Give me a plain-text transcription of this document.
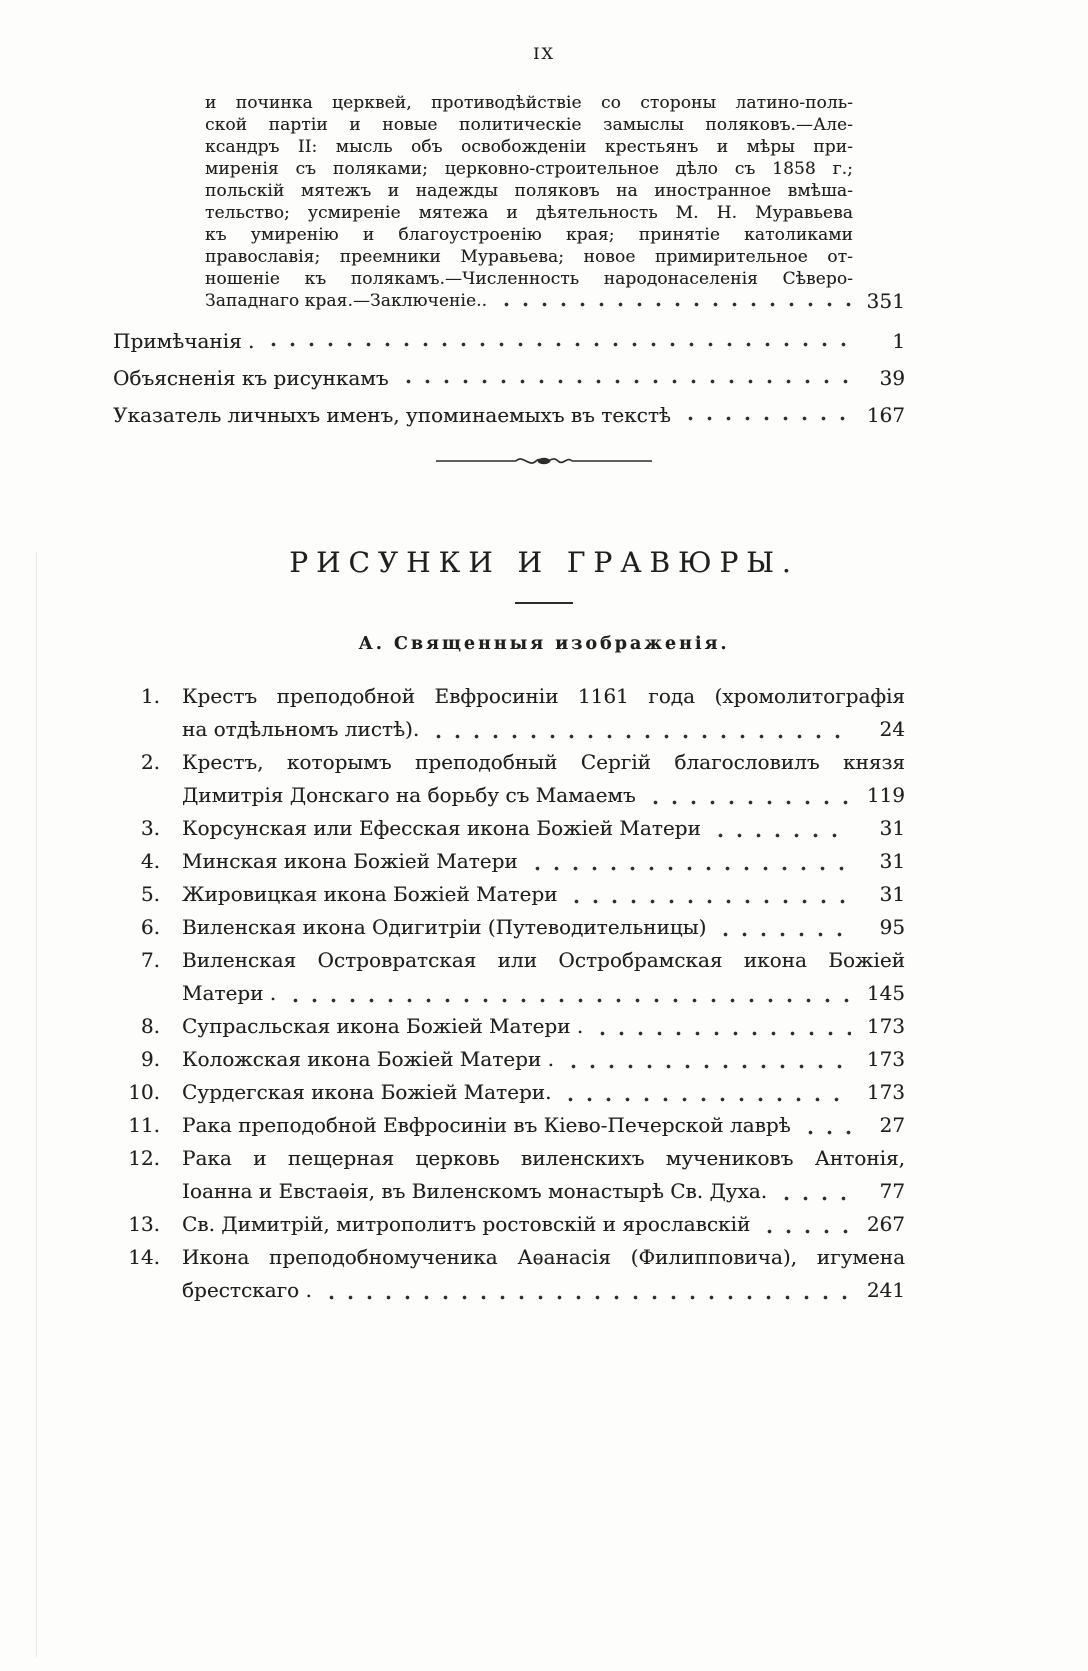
IX
и починка церквей, противодѣйствіе со стороны латино-поль-
ской партіи и новые политическіе замыслы поляковъ.—Але-
ксандръ II: мысль объ освобожденіи крестьянъ и мѣры при-
миренія съ поляками; церковно-строительное дѣло съ 1858 г.;
польскій мятежъ и надежды поляковъ на иностранное вмѣша-
тельство; усмиреніе мятежа и дѣятельность М. Н. Муравьева
къ умиренію и благоустроенію края; принятіе католиками
православія; преемники Муравьева; новое примирительное от-
ношеніе къ полякамъ.—Численность народонаселенія Сѣверо-
Западнаго края.—Заключеніе..	351
Примѣчанія .	1
Объясненія къ рисункамъ	39
Указатель личныхъ именъ, упоминаемыхъ въ текстѣ	167
РИСУНКИ И ГРАВЮРЫ.
А. Священныя изображенія.
1. Крестъ преподобной Евфросиніи 1161 года (хромолитографія
на отдѣльномъ листѣ).	24
2. Крестъ, которымъ преподобный Сергій благословилъ князя
Димитрія Донскаго на борьбу съ Мамаемъ	119
3. Корсунская или Ефесская икона Божіей Матери	31
4. Минская икона Божіей Матери	31
5. Жировицкая икона Божіей Матери	31
6. Виленская икона Одигитріи (Путеводительницы)	95
7. Виленская Островратская или Остробрамская икона Божіей
Матери .	145
8. Супрасльская икона Божіей Матери .	173
9. Коложская икона Божіей Матери .	173
10. Сурдегская икона Божіей Матери.	173
11. Рака преподобной Евфросиніи въ Кіево-Печерской лаврѣ	27
12. Рака и пещерная церковь виленскихъ мучениковъ Антонія,
Іоанна и Евстаѳія, въ Виленскомъ монастырѣ Св. Духа.	77
13. Св. Димитрій, митрополитъ ростовскій и ярославскій	267
14. Икона преподобномученика Аѳанасія (Филипповича), игумена
брестскаго .	241
